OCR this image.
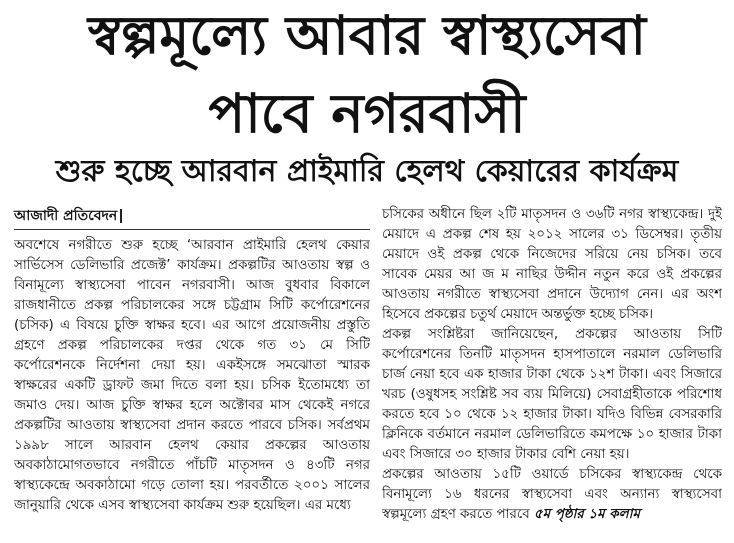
স্বল্পমূল্যে আবার স্বাস্থ্যসেবা
পাবে নগরবাসী
শুরু হচ্ছে আরবান প্রাইমারি হেলথ কেয়ারের কার্যক্রম
আজাদী প্রতিবেদন

অবশেষে নগরীতে শুরু হচ্ছে ‘আরবান প্রাইমারি হেলথ কেয়ার সার্ভিসেস ডেলিভারি প্রজেক্ট’ কার্যক্রম। প্রকল্পটির আওতায় স্বল্প ও বিনামূল্যে স্বাস্থ্যসেবা পাবেন নগরবাসী। আজ বুধবার বিকালে রাজধানীতে প্রকল্প পরিচালকের সঙ্গে চট্টগ্রাম সিটি কর্পোরেশনের (চসিক) এ বিষয়ে চুক্তি স্বাক্ষর হবে। এর আগে প্রয়োজনীয় প্রস্তুতি গ্রহণে প্রকল্প পরিচালকের দপ্তর থেকে গত ৩১ মে সিটি কর্পোরেশনকে নির্দেশনা দেয়া হয়। একইসঙ্গে সমঝোতা স্মারক স্বাক্ষরের একটি ড্রাফট জমা দিতে বলা হয়। চসিক ইতোমধ্যে তা জমাও দেয়। আজ চুক্তি স্বাক্ষর হলে অক্টোবর মাস থেকেই নগরে প্রকল্পটির আওতায় স্বাস্থ্যসেবা প্রদান করতে পারবে চসিক। সর্বপ্রথম ১৯৯৮ সালে আরবান হেলথ কেয়ার প্রকল্পের আওতায় অবকাঠামোগতভাবে নগরীতে পাঁচটি মাতৃসদন ও ৪৩টি নগর স্বাস্থ্যকেন্দ্রে অবকাঠামো গড়ে তোলা হয়। পরবর্তীতে ২০০১ সালের জানুয়ারি থেকে এসব স্বাস্থ্যসেবা কার্যক্রম শুরু হয়েছিল। এর মধ্যে

চসিকের অধীনে ছিল ২টি মাতৃসদন ও ৩৬টি নগর স্বাস্থ্যকেন্দ্র। দুই মেয়াদে এ প্রকল্প শেষ হয় ২০১২ সালের ৩১ ডিসেম্বর। তৃতীয় মেয়াদে ওই প্রকল্প থেকে নিজেদের সরিয়ে নেয় চসিক। তবে সাবেক মেয়র আ জ ম নাছির উদ্দীন নতুন করে ওই প্রকল্পের আওতায় নগরীতে স্বাস্থ্যসেবা প্রদানে উদ্যোগ নেন। এর অংশ হিসেবে প্রকল্পের চতুর্থ মেয়াদে অন্তর্ভুক্ত হচ্ছে চসিক।

প্রকল্প সংশ্লিষ্টরা জানিয়েছেন, প্রকল্পের আওতায় সিটি কর্পোরেশনের তিনটি মাতৃসদন হাসপাতালে নরমাল ডেলিভারি চার্জ নেয়া হবে এক হাজার টাকা থেকে ১২শ টাকা। এবং সিজারে খরচ (ওষুধসহ সংশ্লিষ্ট সব ব্যয় মিলিয়ে) সেবাগ্রহীতাকে পরিশোধ করতে হবে ১০ থেকে ১২ হাজার টাকা। যদিও বিভিন্ন বেসরকারি ক্লিনিকে বর্তমানে নরমাল ডেলিভারিতে কমপক্ষে ১০ হাজার টাকা এবং সিজারে ৩০ হাজার টাকার বেশি নেয়া হয়।

প্রকল্পের আওতায় ১৫টি ওয়ার্ডে চসিকের স্বাস্থ্যকেন্দ্র থেকে বিনামূল্যে ১৬ ধরনের স্বাস্থ্যসেবা এবং অন্যান্য স্বাস্থ্যসেবা স্বল্পমূল্যে গ্রহণ করতে পারবে ৫ম পৃষ্ঠার ১ম কলাম
